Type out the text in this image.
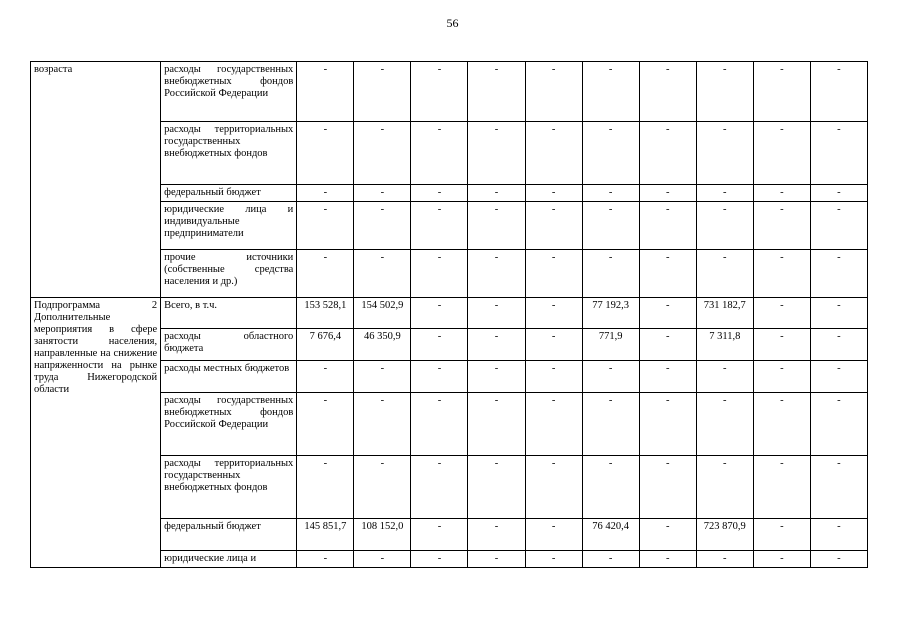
56
возраста	расходы государственных внебюджетных фондов Российской Федерации	-	-	-	-	-	-	-	-	-	-
	расходы территориальных государственных внебюджетных фондов	-	-	-	-	-	-	-	-	-	-
	федеральный бюджет	-	-	-	-	-	-	-	-	-	-
	юридические лица и индивидуальные предприниматели	-	-	-	-	-	-	-	-	-	-
	прочие источники (собственные средства населения и др.)	-	-	-	-	-	-	-	-	-	-
Подпрограмма 2 Дополнительные мероприятия в сфере занятости населения, направленные на снижение напряженности на рынке труда Нижегородской области	Всего, в т.ч.	153 528,1	154 502,9	-	-	-	77 192,3	-	731 182,7	-	-
	расходы областного бюджета	7 676,4	46 350,9	-	-	-	771,9	-	7 311,8	-	-
	расходы местных бюджетов	-	-	-	-	-	-	-	-	-	-
	расходы государственных внебюджетных фондов Российской Федерации	-	-	-	-	-	-	-	-	-	-
	расходы территориальных государственных внебюджетных фондов	-	-	-	-	-	-	-	-	-	-
	федеральный бюджет	145 851,7	108 152,0	-	-	-	76 420,4	-	723 870,9	-	-
	юридические лица и	-	-	-	-	-	-	-	-	-	-
